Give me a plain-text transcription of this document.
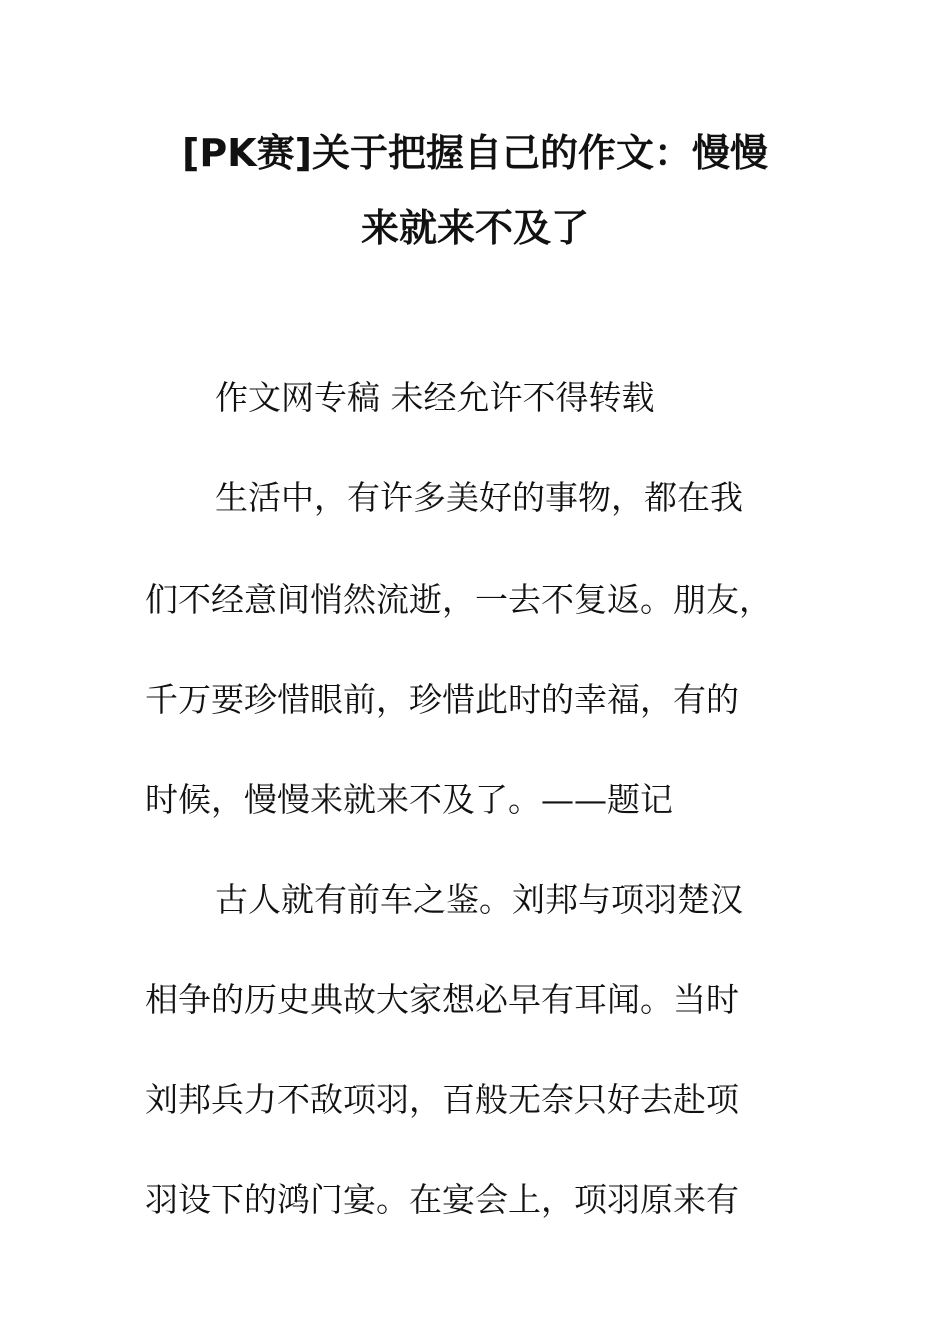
[PK赛]关于把握自己的作文：慢慢
来就来不及了
作文网专稿 未经允许不得转载
生活中，有许多美好的事物，都在我
们不经意间悄然流逝，一去不复返。朋友，
千万要珍惜眼前，珍惜此时的幸福，有的
时候，慢慢来就来不及了。——题记
古人就有前车之鉴。刘邦与项羽楚汉
相争的历史典故大家想必早有耳闻。当时
刘邦兵力不敌项羽，百般无奈只好去赴项
羽设下的鸿门宴。在宴会上，项羽原来有
